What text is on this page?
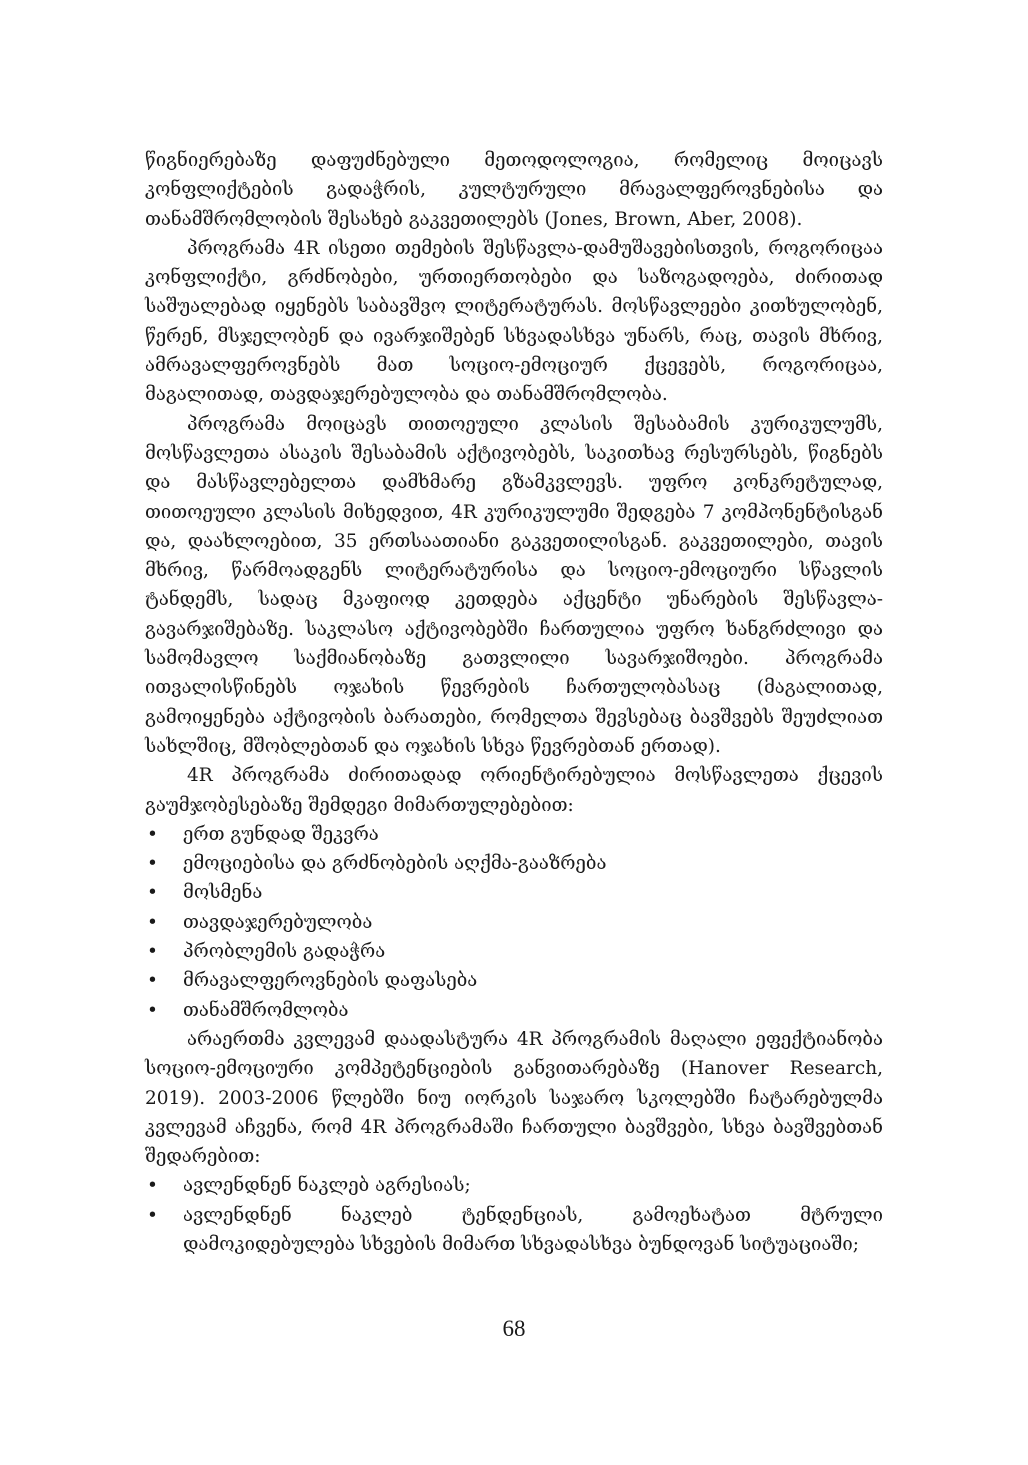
წიგნიერებაზე დაფუძნებული მეთოდოლოგია, რომელიც მოიცავს კონფლიქტების გადაჭრის, კულტურული მრავალფეროვნებისა და თანამშრომლობის შესახებ გაკვეთილებს (Jones, Brown, Aber, 2008).

პროგრამა 4R ისეთი თემების შესწავლა-დამუშავებისთვის, როგორიცაა კონფლიქტი, გრძნობები, ურთიერთობები და საზოგადოება, ძირითად საშუალებად იყენებს საბავშვო ლიტერატურას. მოსწავლეები კითხულობენ, წერენ, მსჯელობენ და ივარჯიშებენ სხვადასხვა უნარს, რაც, თავის მხრივ, ამრავალფეროვნებს მათ სოციო-ემოციურ ქცევებს, როგორიცაა, მაგალითად, თავდაჯერებულობა და თანამშრომლობა.

პროგრამა მოიცავს თითოეული კლასის შესაბამის კურიკულუმს, მოსწავლეთა ასაკის შესაბამის აქტივობებს, საკითხავ რესურსებს, წიგნებს და მასწავლებელთა დამხმარე გზამკვლევს. უფრო კონკრეტულად, თითოეული კლასის მიხედვით, 4R კურიკულუმი შედგება 7 კომპონენტისგან და, დაახლოებით, 35 ერთსაათიანი გაკვეთილისგან. გაკვეთილები, თავის მხრივ, წარმოადგენს ლიტერატურისა და სოციო-ემოციური სწავლის ტანდემს, სადაც მკაფიოდ კეთდება აქცენტი უნარების შესწავლა-გავარჯიშებაზე. საკლასო აქტივობებში ჩართულია უფრო ხანგრძლივი და სამომავლო საქმიანობაზე გათვლილი სავარჯიშოები. პროგრამა ითვალისწინებს ოჯახის წევრების ჩართულობასაც (მაგალითად, გამოიყენება აქტივობის ბარათები, რომელთა შევსებაც ბავშვებს შეუძლიათ სახლშიც, მშობლებთან და ოჯახის სხვა წევრებთან ერთად).

4R პროგრამა ძირითადად ორიენტირებულია მოსწავლეთა ქცევის გაუმჯობესებაზე შემდეგი მიმართულებებით:

• ერთ გუნდად შეკვრა
• ემოციებისა და გრძნობების აღქმა-გააზრება
• მოსმენა
• თავდაჯერებულობა
• პრობლემის გადაჭრა
• მრავალფეროვნების დაფასება
• თანამშრომლობა

არაერთმა კვლევამ დაადასტურა 4R პროგრამის მაღალი ეფექტიანობა სოციო-ემოციური კომპეტენციების განვითარებაზე (Hanover Research, 2019). 2003-2006 წლებში ნიუ იორკის საჯარო სკოლებში ჩატარებულმა კვლევამ აჩვენა, რომ 4R პროგრამაში ჩართული ბავშვები, სხვა ბავშვებთან შედარებით:

• ავლენდნენ ნაკლებ აგრესიას;
• ავლენდნენ ნაკლებ ტენდენციას, გამოეხატათ მტრული დამოკიდებულება სხვების მიმართ სხვადასხვა ბუნდოვან სიტუაციაში;
68
